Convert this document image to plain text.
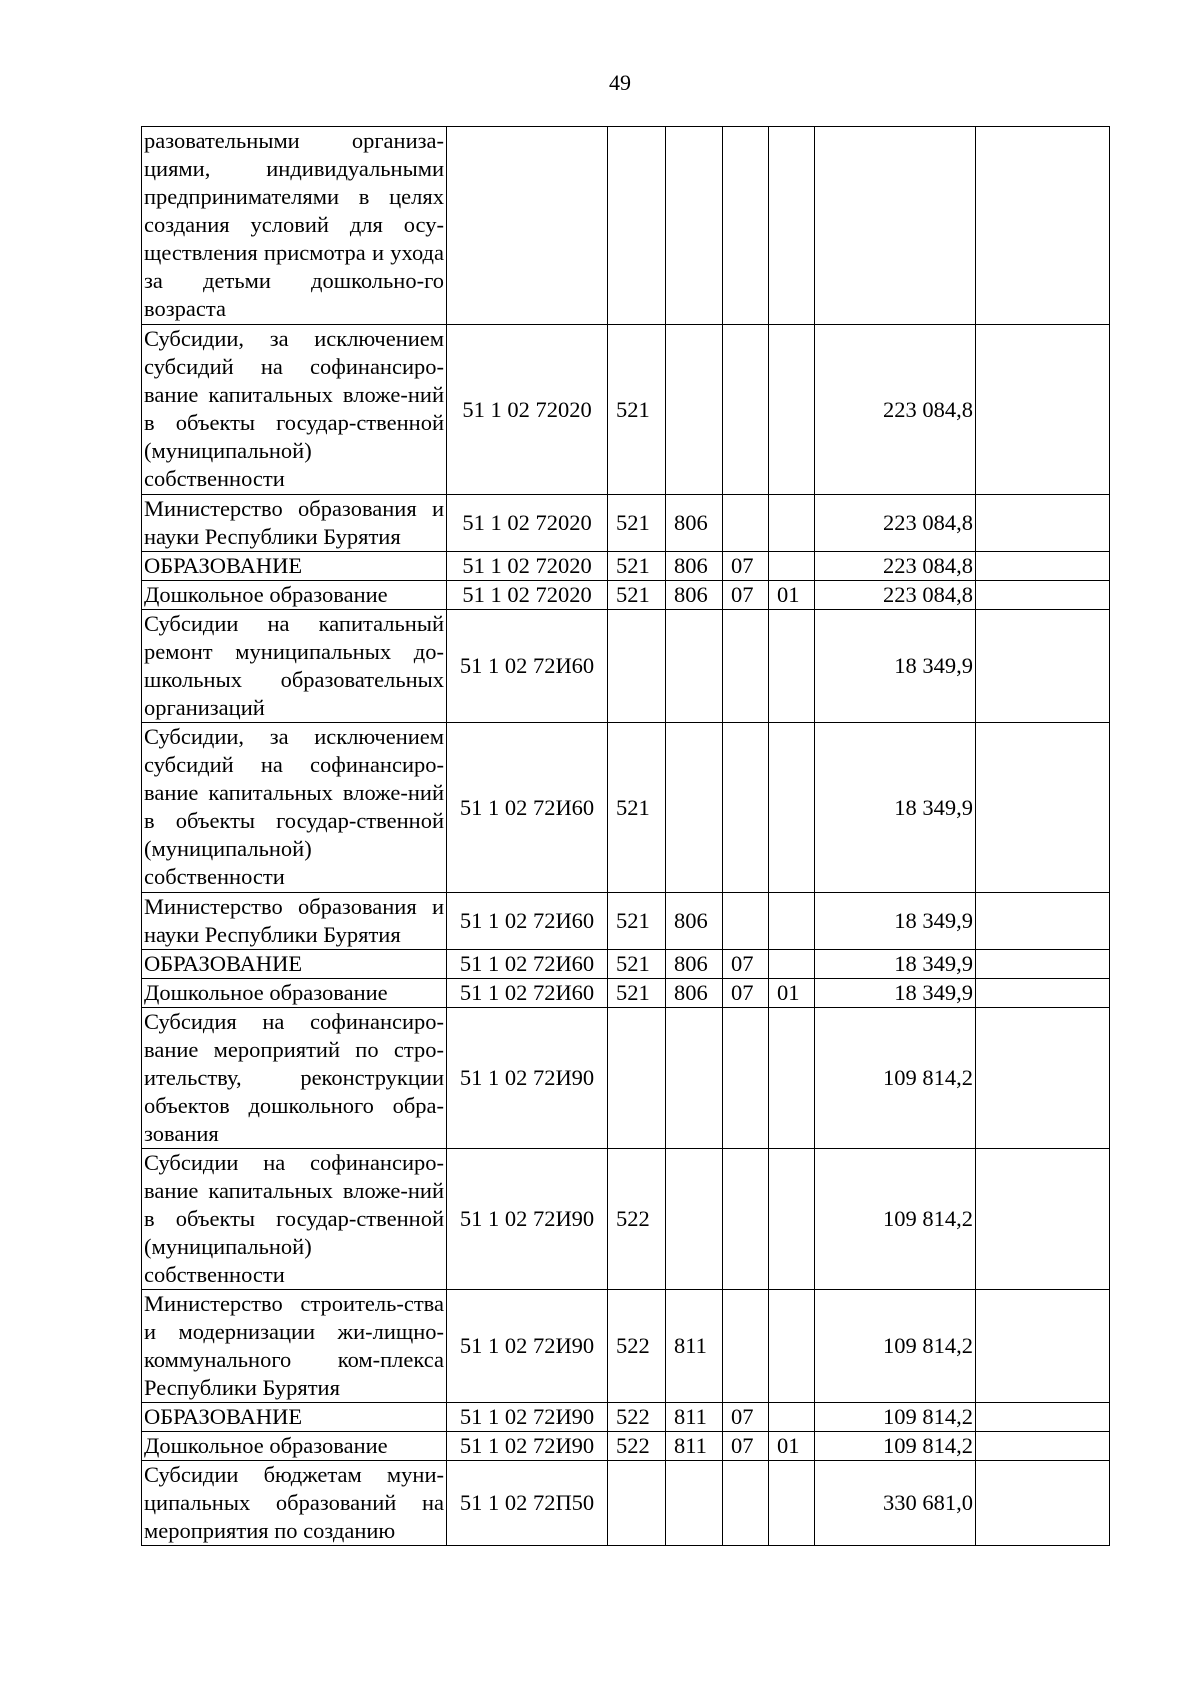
49
разовательными организа-циями, индивидуальными предпринимателями в целях создания условий для осу-ществления присмотра и ухода за детьми дошкольно-го возраста							
Субсидии, за исключением субсидий на софинансиро-вание капитальных вложе-ний в объекты государ-ственной (муниципальной) собственности	51 1 02 72020	521				223 084,8	
Министерство образования и науки Республики Бурятия	51 1 02 72020	521	806			223 084,8	
ОБРАЗОВАНИЕ	51 1 02 72020	521	806	07		223 084,8	
Дошкольное образование	51 1 02 72020	521	806	07	01	223 084,8	
Субсидии на капитальный ремонт муниципальных до-школьных образовательных организаций	51 1 02 72И60					18 349,9	
Субсидии, за исключением субсидий на софинансиро-вание капитальных вложе-ний в объекты государ-ственной (муниципальной) собственности	51 1 02 72И60	521				18 349,9	
Министерство образования и науки Республики Бурятия	51 1 02 72И60	521	806			18 349,9	
ОБРАЗОВАНИЕ	51 1 02 72И60	521	806	07		18 349,9	
Дошкольное образование	51 1 02 72И60	521	806	07	01	18 349,9	
Субсидия на софинансиро-вание мероприятий по стро-ительству, реконструкции объектов дошкольного обра-зования	51 1 02 72И90					109 814,2	
Субсидии на софинансиро-вание капитальных вложе-ний в объекты государ-ственной (муниципальной) собственности	51 1 02 72И90	522				109 814,2	
Министерство строитель-ства и модернизации жи-лищно-коммунального ком-плекса Республики Бурятия	51 1 02 72И90	522	811			109 814,2	
ОБРАЗОВАНИЕ	51 1 02 72И90	522	811	07		109 814,2	
Дошкольное образование	51 1 02 72И90	522	811	07	01	109 814,2	
Субсидии бюджетам муни-ципальных образований на мероприятия по созданию	51 1 02 72П50					330 681,0	
